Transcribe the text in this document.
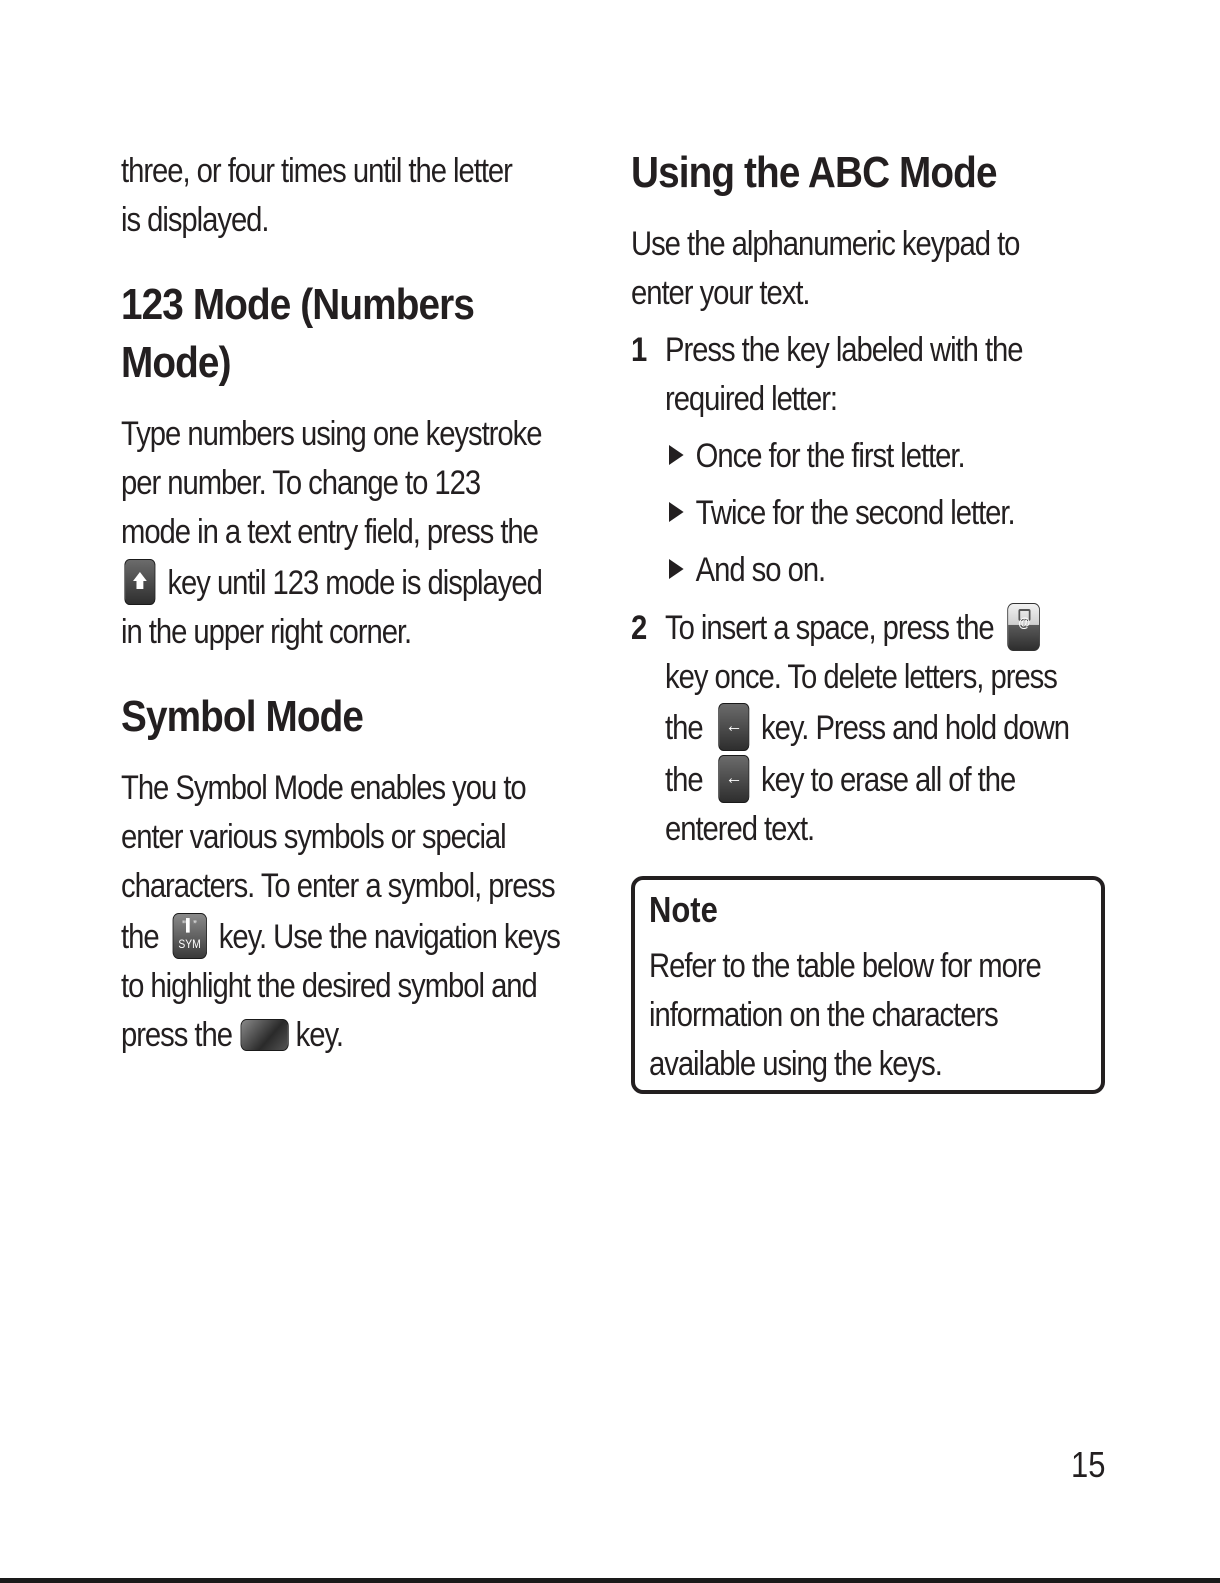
three, or four times until the letter

is displayed.

123 Mode (Numbers
Mode)

Type numbers using one keystroke

per number. To change to 123

mode in a text entry field, press the

key until 123 mode is displayed

in the upper right corner.

Symbol Mode

The Symbol Mode enables you to

enter various symbols or special

characters. To enter a symbol, press

the	"▌”
SYM key. Use the navigation keys

to highlight the desired symbol and

press the key.

Using the ABC Mode

Use the alphanumeric keypad to

enter your text.

1 Press the key labeled with the

required letter:

Once for the first letter.

Twice for the second letter.

And so on.

2 To insert a space, press the	@

key once. To delete letters, press

the ← key. Press and hold down

the ← key to erase all of the

entered text.

Note

Refer to the table below for more

information on the characters

available using the keys.

15
